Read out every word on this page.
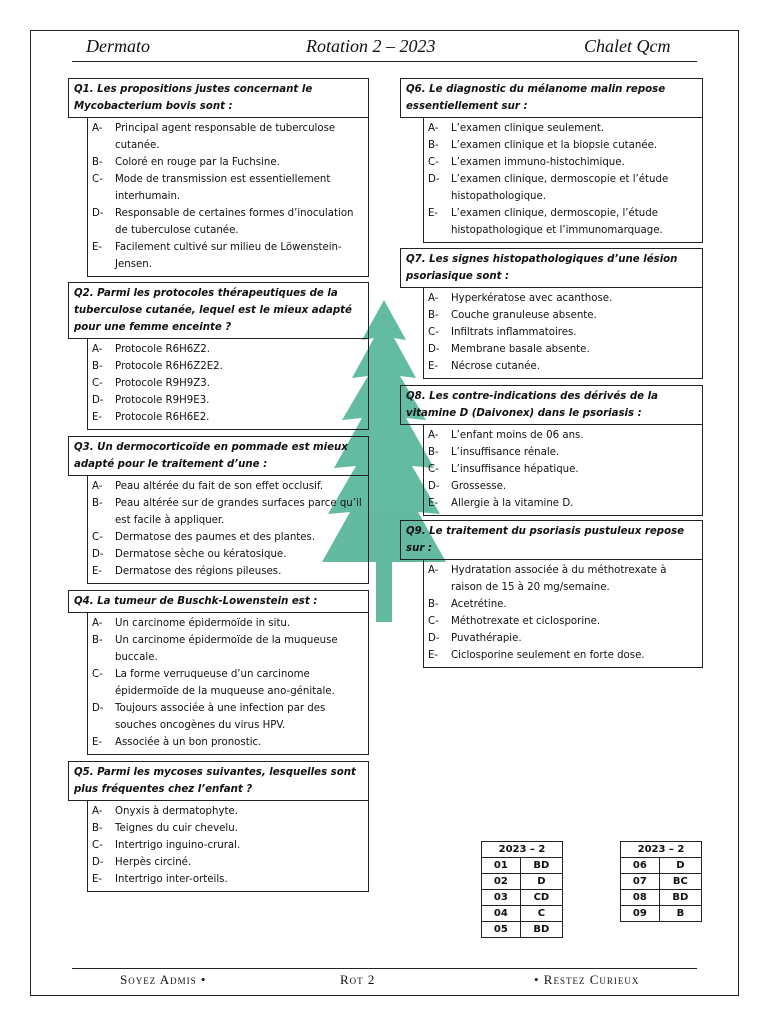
Dermato	Rotation 2 – 2023	Chalet Qcm
Q1. Les propositions justes concernant le Mycobacterium bovis sont :
A-	Principal agent responsable de tuberculose cutanée.
B-	Coloré en rouge par la Fuchsine.
C-	Mode de transmission est essentiellement interhumain.
D-	Responsable de certaines formes d’inoculation de tuberculose cutanée.
E-	Facilement cultivé sur milieu de Löwenstein-Jensen.
Q2. Parmi les protocoles thérapeutiques de la tuberculose cutanée, lequel est le mieux adapté pour une femme enceinte ?
A-	Protocole R6H6Z2.
B-	Protocole R6H6Z2E2.
C-	Protocole R9H9Z3.
D-	Protocole R9H9E3.
E-	Protocole R6H6E2.
Q3. Un dermocorticoïde en pommade est mieux adapté pour le traitement d’une :
A-	Peau altérée du fait de son effet occlusif.
B-	Peau altérée sur de grandes surfaces parce qu’il est facile à appliquer.
C-	Dermatose des paumes et des plantes.
D-	Dermatose sèche ou kératosique.
E-	Dermatose des régions pileuses.
Q4. La tumeur de Buschk-Lowenstein est :
A-	Un carcinome épidermoïde in situ.
B-	Un carcinome épidermoïde de la muqueuse buccale.
C-	La forme verruqueuse d’un carcinome épidermoïde de la muqueuse ano-génitale.
D-	Toujours associée à une infection par des souches oncogènes du virus HPV.
E-	Associée à un bon pronostic.
Q5. Parmi les mycoses suivantes, lesquelles sont plus fréquentes chez l’enfant ?
A-	Onyxis à dermatophyte.
B-	Teignes du cuir chevelu.
C-	Intertrigo inguino-crural.
D-	Herpès circiné.
E-	Intertrigo inter-orteils.
Q6. Le diagnostic du mélanome malin repose essentiellement sur :
A-	L’examen clinique seulement.
B-	L’examen clinique et la biopsie cutanée.
C-	L’examen immuno-histochimique.
D-	L’examen clinique, dermoscopie et l’étude histopathologique.
E-	L’examen clinique, dermoscopie, l’étude histopathologique et l’immunomarquage.
Q7. Les signes histopathologiques d’une lésion psoriasique sont :
A-	Hyperkératose avec acanthose.
B-	Couche granuleuse absente.
C-	Infiltrats inflammatoires.
D-	Membrane basale absente.
E-	Nécrose cutanée.
Q8. Les contre-indications des dérivés de la vitamine D (Daivonex) dans le psoriasis :
A-	L’enfant moins de 06 ans.
B-	L’insuffisance rénale.
C-	L’insuffisance hépatique.
D-	Grossesse.
E-	Allergie à la vitamine D.
Q9. Le traitement du psoriasis pustuleux repose sur :
A-	Hydratation associée à du méthotrexate à raison de 15 à 20 mg/semaine.
B-	Acetrétine.
C-	Méthotrexate et ciclosporine.
D-	Puvathérapie.
E-	Ciclosporine seulement en forte dose.
2023 – 2	
01	BD
02	D
03	CD
04	C
05	BD
2023 – 2	
06	D
07	BC
08	BD
09	B
Soyez Admis •	Rot 2	• Restez Curieux
